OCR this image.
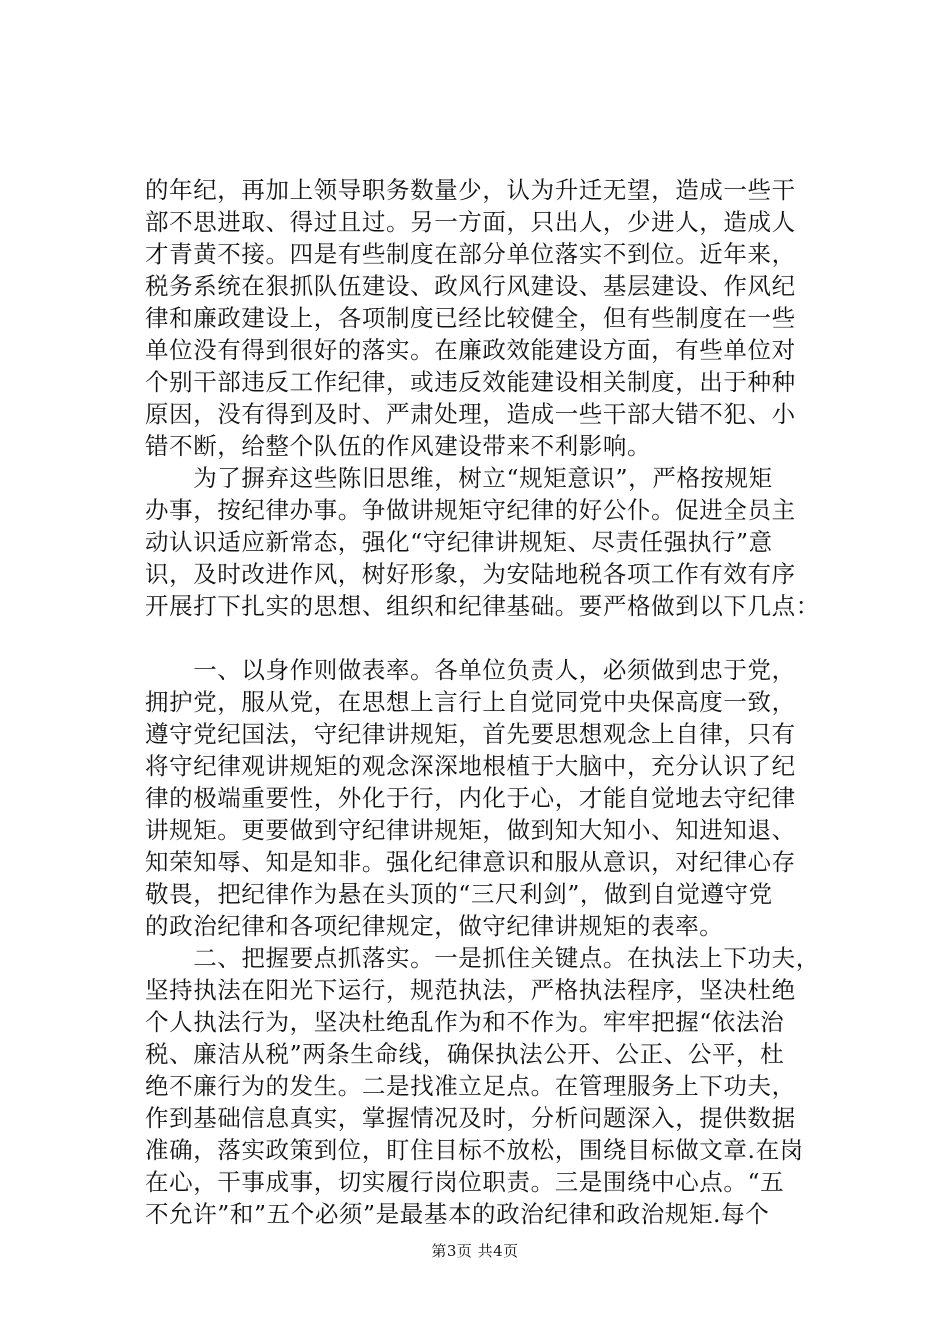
的年纪，再加上领导职务数量少，认为升迁无望，造成一些干
部不思进取、得过且过。另一方面，只出人，少进人，造成人
才青黄不接。四是有些制度在部分单位落实不到位。近年来，
税务系统在狠抓队伍建设、政风行风建设、基层建设、作风纪
律和廉政建设上，各项制度已经比较健全，但有些制度在一些
单位没有得到很好的落实。在廉政效能建设方面，有些单位对
个别干部违反工作纪律，或违反效能建设相关制度，出于种种
原因，没有得到及时、严肃处理，造成一些干部大错不犯、小
错不断，给整个队伍的作风建设带来不利影响。
　　为了摒弃这些陈旧思维，树立“规矩意识”，严格按规矩
办事，按纪律办事。争做讲规矩守纪律的好公仆。促进全员主
动认识适应新常态，强化“守纪律讲规矩、尽责任强执行”意
识，及时改进作风，树好形象，为安陆地税各项工作有效有序
开展打下扎实的思想、组织和纪律基础。要严格做到以下几点：
　　一、以身作则做表率。各单位负责人，必须做到忠于党，
拥护党，服从党，在思想上言行上自觉同党中央保高度一致，
遵守党纪国法，守纪律讲规矩，首先要思想观念上自律，只有
将守纪律观讲规矩的观念深深地根植于大脑中，充分认识了纪
律的极端重要性，外化于行，内化于心，才能自觉地去守纪律
讲规矩。更要做到守纪律讲规矩，做到知大知小、知进知退、
知荣知辱、知是知非。强化纪律意识和服从意识，对纪律心存
敬畏，把纪律作为悬在头顶的“三尺利剑”，做到自觉遵守党
的政治纪律和各项纪律规定，做守纪律讲规矩的表率。
　　二、把握要点抓落实。一是抓住关键点。在执法上下功夫，
坚持执法在阳光下运行，规范执法，严格执法程序，坚决杜绝
个人执法行为，坚决杜绝乱作为和不作为。牢牢把握“依法治
税、廉洁从税”两条生命线，确保执法公开、公正、公平，杜
绝不廉行为的发生。二是找准立足点。在管理服务上下功夫，
作到基础信息真实，掌握情况及时，分析问题深入，提供数据
准确，落实政策到位，盯住目标不放松，围绕目标做文章.在岗
在心，干事成事，切实履行岗位职责。三是围绕中心点。“五
不允许”和”五个必须”是最基本的政治纪律和政治规矩.每个
第3页 共4页
